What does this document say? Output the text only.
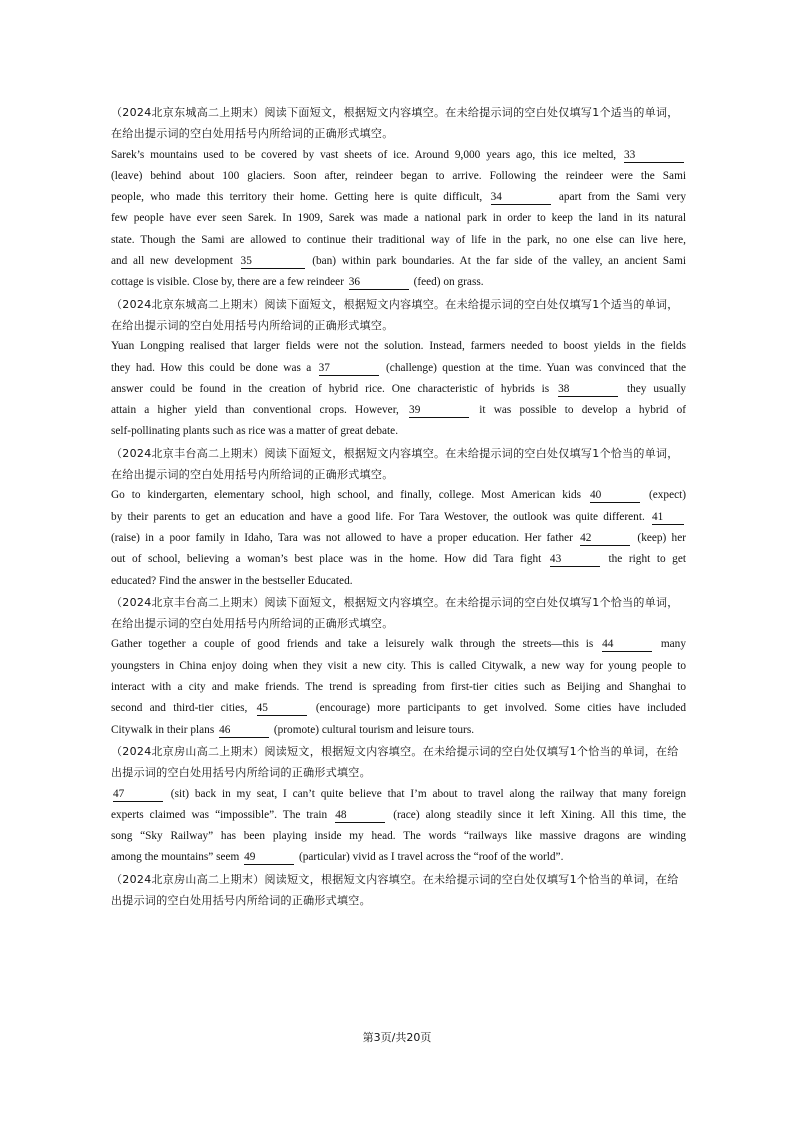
（2024北京东城高二上期末）阅读下面短文，根据短文内容填空。在未给提示词的空白处仅填写1个适当的单词，在给出提示词的空白处用括号内所给词的正确形式填空。

Sarek’s mountains used to be covered by vast sheets of ice. Around 9,000 years ago, this ice melted, 33

(leave) behind about 100 glaciers. Soon after, reindeer began to arrive. Following the reindeer were the Sami

people, who made this territory their home. Getting here is quite difficult, 34	apart from the Sami very

few people have ever seen Sarek. In 1909, Sarek was made a national park in order to keep the land in its natural

state. Though the Sami are allowed to continue their traditional way of life in the park, no one else can live here,

and all new development 35	(ban) within park boundaries. At the far side of the valley, an ancient Sami

cottage is visible. Close by, there are a few reindeer 36	(feed) on grass.

（2024北京东城高二上期末）阅读下面短文，根据短文内容填空。在未给提示词的空白处仅填写1个适当的单词，在给出提示词的空白处用括号内所给词的正确形式填空。

Yuan Longping realised that larger fields were not the solution. Instead, farmers needed to boost yields in the fields

they had. How this could be done was a 37	(challenge) question at the time. Yuan was convinced that the

answer could be found in the creation of hybrid rice. One characteristic of hybrids is 38	they usually

attain a higher yield than conventional crops. However, 39	it was possible to develop a hybrid of

self-pollinating plants such as rice was a matter of great debate.

（2024北京丰台高二上期末）阅读下面短文，根据短文内容填空。在未给提示词的空白处仅填写1个恰当的单词，在给出提示词的空白处用括号内所给词的正确形式填空。

Go to kindergarten, elementary school, high school, and finally, college. Most American kids 40	(expect)

by their parents to get an education and have a good life. For Tara Westover, the outlook was quite different. 41

(raise) in a poor family in Idaho, Tara was not allowed to have a proper education. Her father 42	(keep) her

out of school, believing a woman’s best place was in the home. How did Tara fight 43	the right to get

educated? Find the answer in the bestseller Educated.

（2024北京丰台高二上期末）阅读下面短文，根据短文内容填空。在未给提示词的空白处仅填写1个恰当的单词，在给出提示词的空白处用括号内所给词的正确形式填空。

Gather together a couple of good friends and take a leisurely walk through the streets—this is 44	many

youngsters in China enjoy doing when they visit a new city. This is called Citywalk, a new way for young people to

interact with a city and make friends. The trend is spreading from first-tier cities such as Beijing and Shanghai to

second and third-tier cities, 45	(encourage) more participants to get involved. Some cities have included

Citywalk in their plans 46	(promote) cultural tourism and leisure tours.

（2024北京房山高二上期末）阅读短文，根据短文内容填空。在未给提示词的空白处仅填写1个恰当的单词，在给出提示词的空白处用括号内所给词的正确形式填空。

47	(sit) back in my seat, I can’t quite believe that I’m about to travel along the railway that many foreign

experts claimed was “impossible”. The train 48	(race) along steadily since it left Xining. All this time, the

song “Sky Railway” has been playing inside my head. The words “railways like massive dragons are winding

among the mountains” seem 49	(particular) vivid as I travel across the “roof of the world”.

（2024北京房山高二上期末）阅读短文，根据短文内容填空。在未给提示词的空白处仅填写1个恰当的单词，在给出提示词的空白处用括号内所给词的正确形式填空。

第3页/共20页
